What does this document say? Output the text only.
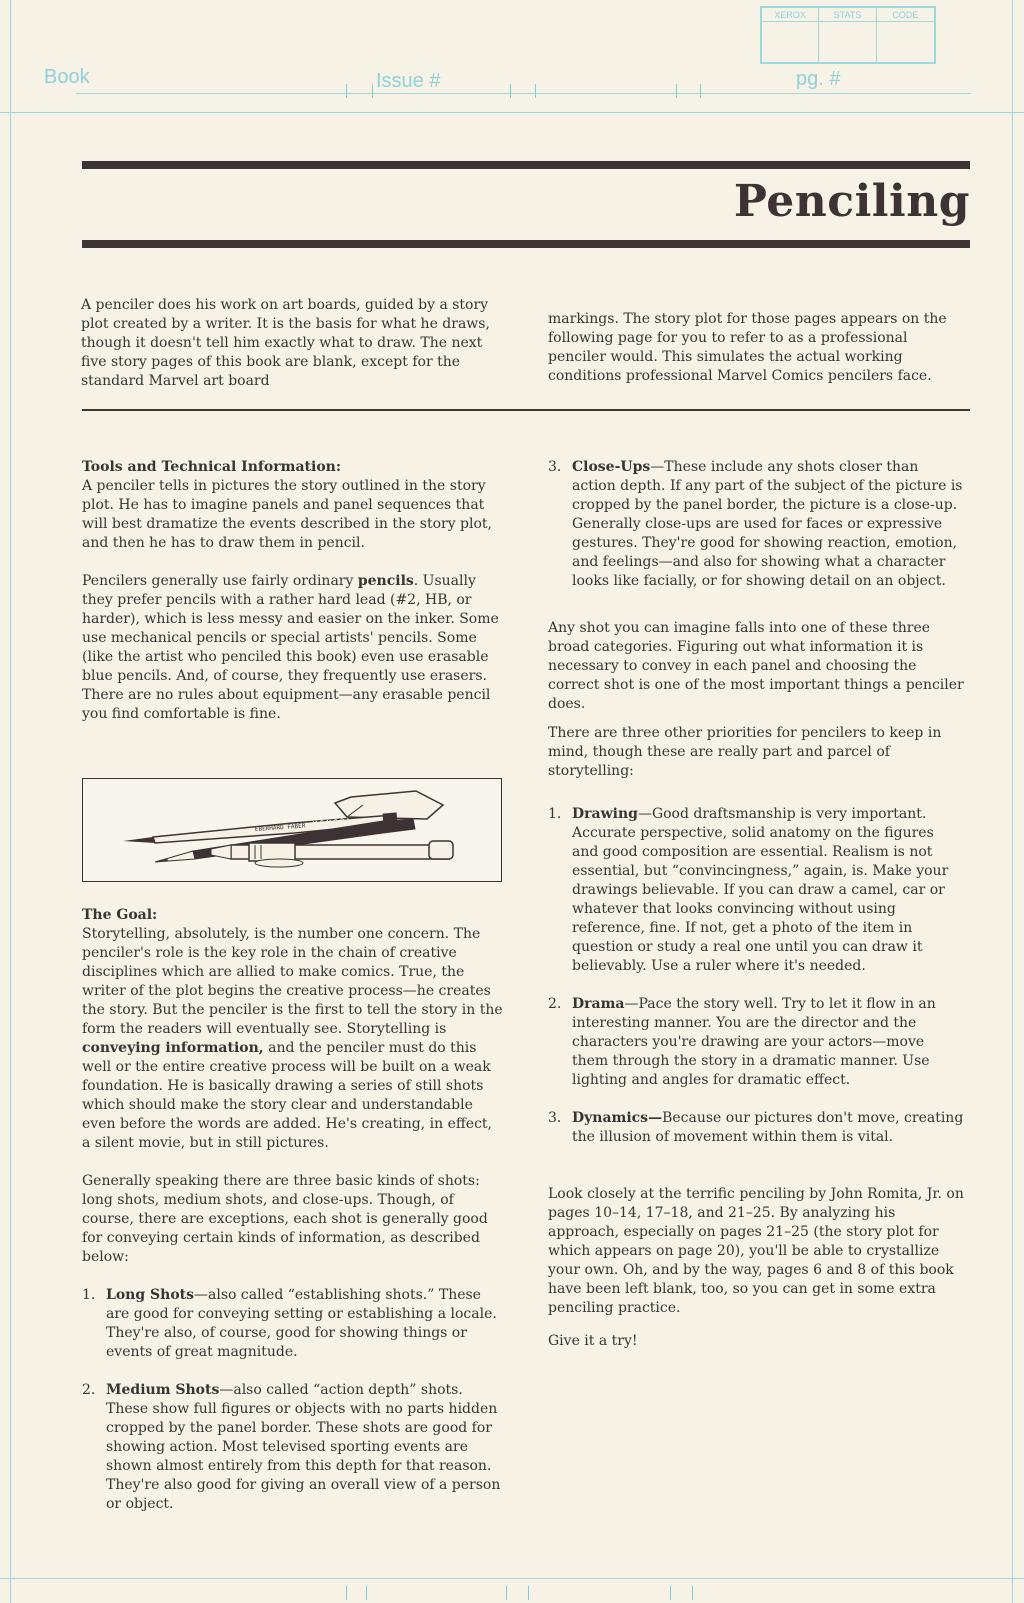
Book	Issue #	pg. #
XEROX	STATS	CODE
Penciling

A penciler does his work on art boards, guided by a story plot created by a writer. It is the basis for what he draws, though it doesn't tell him exactly what to draw. The next five story pages of this book are blank, except for the standard Marvel art board

markings. The story plot for those pages appears on the following page for you to refer to as a professional penciler would. This simulates the actual working conditions professional Marvel Comics pencilers face.

Tools and Technical Information:
A penciler tells in pictures the story outlined in the story plot. He has to imagine panels and panel sequences that will best dramatize the events described in the story plot, and then he has to draw them in pencil.

Pencilers generally use fairly ordinary pencils. Usually they prefer pencils with a rather hard lead (#2, HB, or harder), which is less messy and easier on the inker. Some use mechanical pencils or special artists' pencils. Some (like the artist who penciled this book) even use erasable blue pencils. And, of course, they frequently use erasers. There are no rules about equipment—any erasable pencil you find comfortable is fine.

EBERHARD FABER MONGOL

The Goal:
Storytelling, absolutely, is the number one concern. The penciler's role is the key role in the chain of creative disciplines which are allied to make comics. True, the writer of the plot begins the creative process—he creates the story. But the penciler is the first to tell the story in the form the readers will eventually see. Storytelling is conveying information, and the penciler must do this well or the entire creative process will be built on a weak foundation. He is basically drawing a series of still shots which should make the story clear and understandable even before the words are added. He's creating, in effect, a silent movie, but in still pictures.

Generally speaking there are three basic kinds of shots: long shots, medium shots, and close-ups. Though, of course, there are exceptions, each shot is generally good for conveying certain kinds of information, as described below:

1. Long Shots—also called “establishing shots.” These are good for conveying setting or establishing a locale. They're also, of course, good for showing things or events of great magnitude.
2. Medium Shots—also called “action depth” shots. These show full figures or objects with no parts hidden cropped by the panel border. These shots are good for showing action. Most televised sporting events are shown almost entirely from this depth for that reason. They're also good for giving an overall view of a person or object.
3. Close-Ups—These include any shots closer than action depth. If any part of the subject of the picture is cropped by the panel border, the picture is a close-up. Generally close-ups are used for faces or expressive gestures. They're good for showing reaction, emotion, and feelings—and also for showing what a character looks like facially, or for showing detail on an object.

Any shot you can imagine falls into one of these three broad categories. Figuring out what information it is necessary to convey in each panel and choosing the correct shot is one of the most important things a penciler does.

There are three other priorities for pencilers to keep in mind, though these are really part and parcel of storytelling:

1. Drawing—Good draftsmanship is very important. Accurate perspective, solid anatomy on the figures and good composition are essential. Realism is not essential, but “convincingness,” again, is. Make your drawings believable. If you can draw a camel, car or whatever that looks convincing without using reference, fine. If not, get a photo of the item in question or study a real one until you can draw it believably. Use a ruler where it's needed.
2. Drama—Pace the story well. Try to let it flow in an interesting manner. You are the director and the characters you're drawing are your actors—move them through the story in a dramatic manner. Use lighting and angles for dramatic effect.
3. Dynamics—Because our pictures don't move, creating the illusion of movement within them is vital.

Look closely at the terrific penciling by John Romita, Jr. on pages 10–14, 17–18, and 21–25. By analyzing his approach, especially on pages 21–25 (the story plot for which appears on page 20), you'll be able to crystallize your own. Oh, and by the way, pages 6 and 8 of this book have been left blank, too, so you can get in some extra penciling practice.

Give it a try!
